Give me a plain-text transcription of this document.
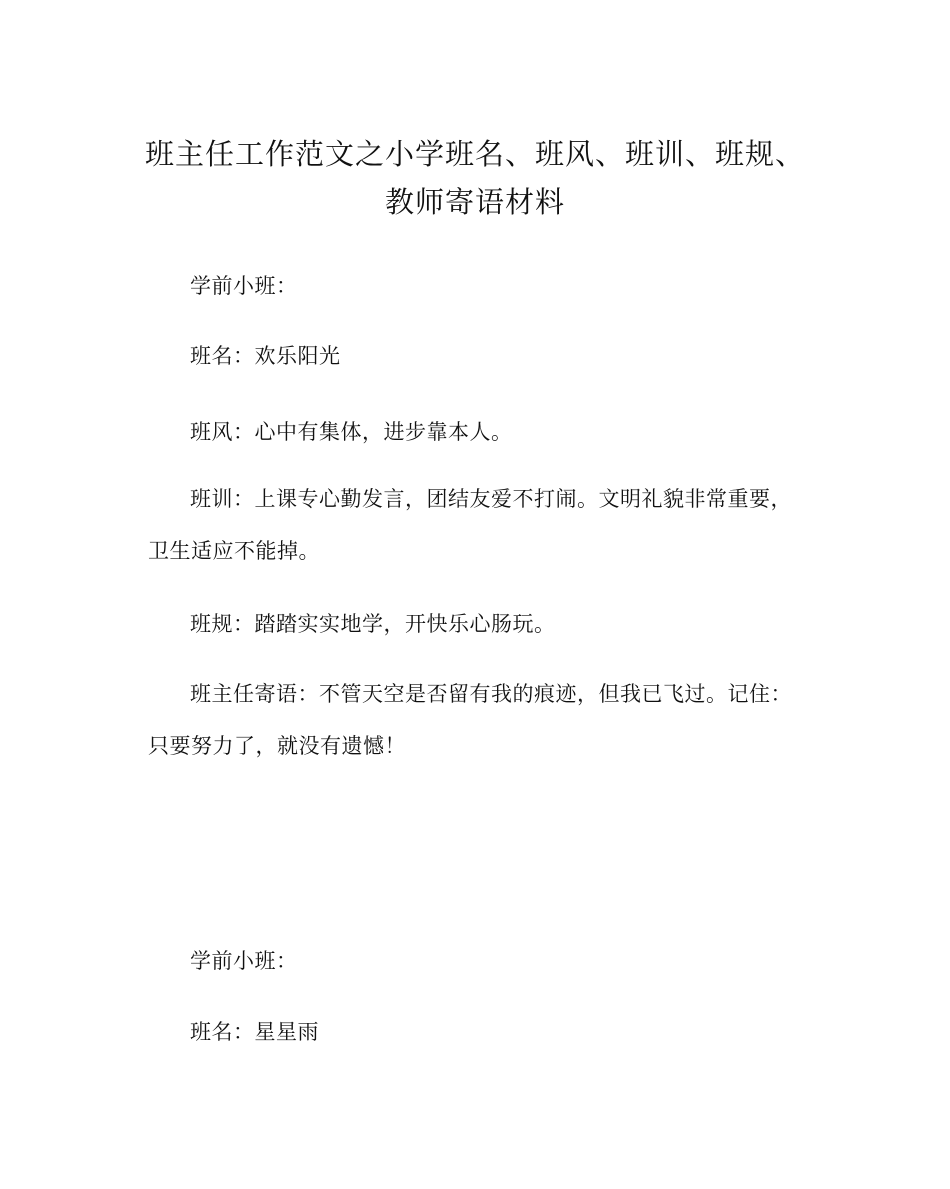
班主任工作范文之小学班名、班风、班训、班规、教师寄语材料

学前小班：

班名：欢乐阳光

班风：心中有集体，进步靠本人。

班训：上课专心勤发言，团结友爱不打闹。文明礼貌非常重要，卫生适应不能掉。

班规：踏踏实实地学，开快乐心肠玩。

班主任寄语：不管天空是否留有我的痕迹，但我已飞过。记住：只要努力了，就没有遗憾！

学前小班：

班名：星星雨
